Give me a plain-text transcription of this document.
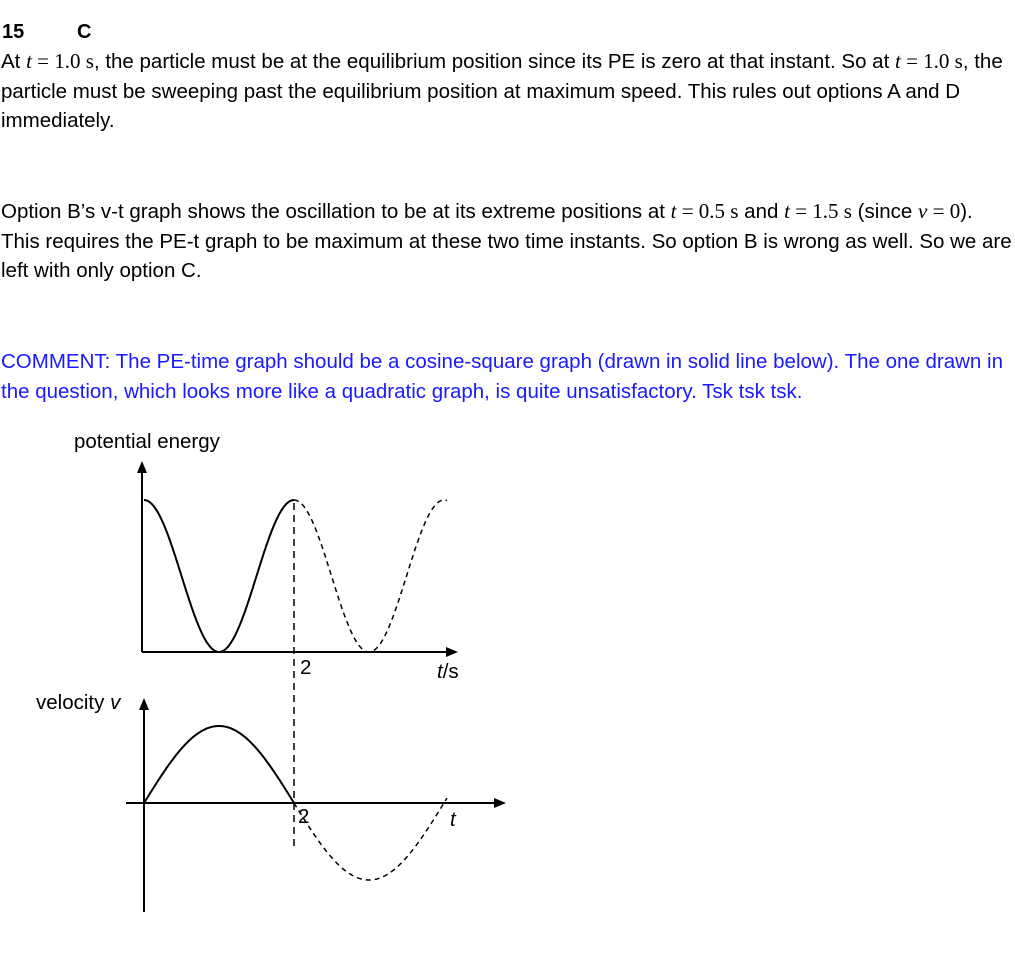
15	C

At t = 1.0 s, the particle must be at the equilibrium position since its PE is zero at that instant. So at t = 1.0 s, the particle must be sweeping past the equilibrium position at maximum speed. This rules out options A and D immediately.

Option B’s v-t graph shows the oscillation to be at its extreme positions at t = 0.5 s and t = 1.5 s (since v = 0). This requires the PE-t graph to be maximum at these two time instants. So option B is wrong as well. So we are left with only option C.

COMMENT: The PE-time graph should be a cosine-square graph (drawn in solid line below). The one drawn in the question, which looks more like a quadratic graph, is quite unsatisfactory. Tsk tsk tsk.

potential energy
2	t/s
velocity v
2	t
